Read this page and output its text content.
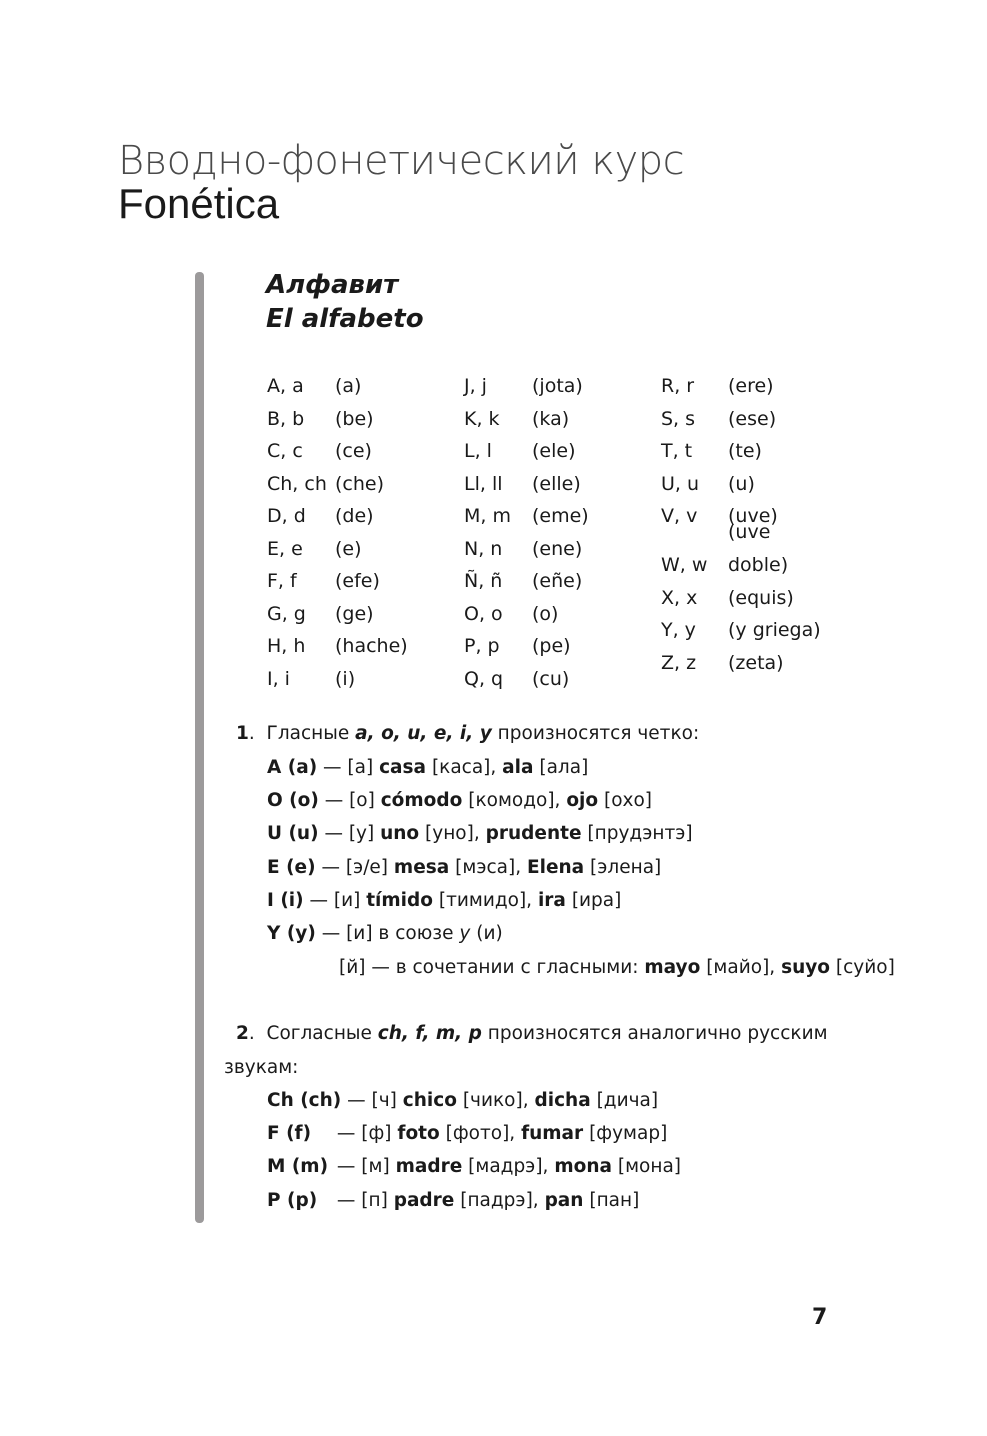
Вводно-фонетический курс
Fonética
Алфавит
El alfabeto
A, a (a)
B, b (be)
C, c (ce)
Ch, ch (che)
D, d (de)
E, e (e)
F, f (efe)
G, g (ge)
H, h (hache)
I, i (i)
J, j (jota)
K, k (ka)
L, l (ele)
Ll, ll (elle)
M, m (eme)
N, n (ene)
Ñ, ñ (eñe)
O, o (o)
P, p (pe)
Q, q (cu)
R, r (ere)
S, s (ese)
T, t (te)
U, u (u)
V, v (uve)
(uve
W, w doble)
X, x (equis)
Y, y (y griega)
Z, z (zeta)
1.  Гласные a, o, u, e, i, y произносятся четко:
A (a) — [а] casa [каса], ala [ала]
O (o) — [о] cómodo [комодо], ojo [охо]
U (u) — [у] uno [уно], prudente [прудэнтэ]
E (e) — [э/е] mesa [мэса], Elena [элена]
I (i) — [и] tímido [тимидо], ira [ира]
Y (y) — [и] в союзе y (и)
[й] — в сочетании с гласными: mayo [майо], suyo [суйо]
2.  Согласные ch, f, m, p произносятся аналогично русским
звукам:
Ch (ch) — [ч] chico [чико], dicha [дича]
F (f) — [ф] foto [фото], fumar [фумар]
M (m) — [м] madre [мадрэ], mona [мона]
P (p) — [п] padre [падрэ], pan [пан]
7
